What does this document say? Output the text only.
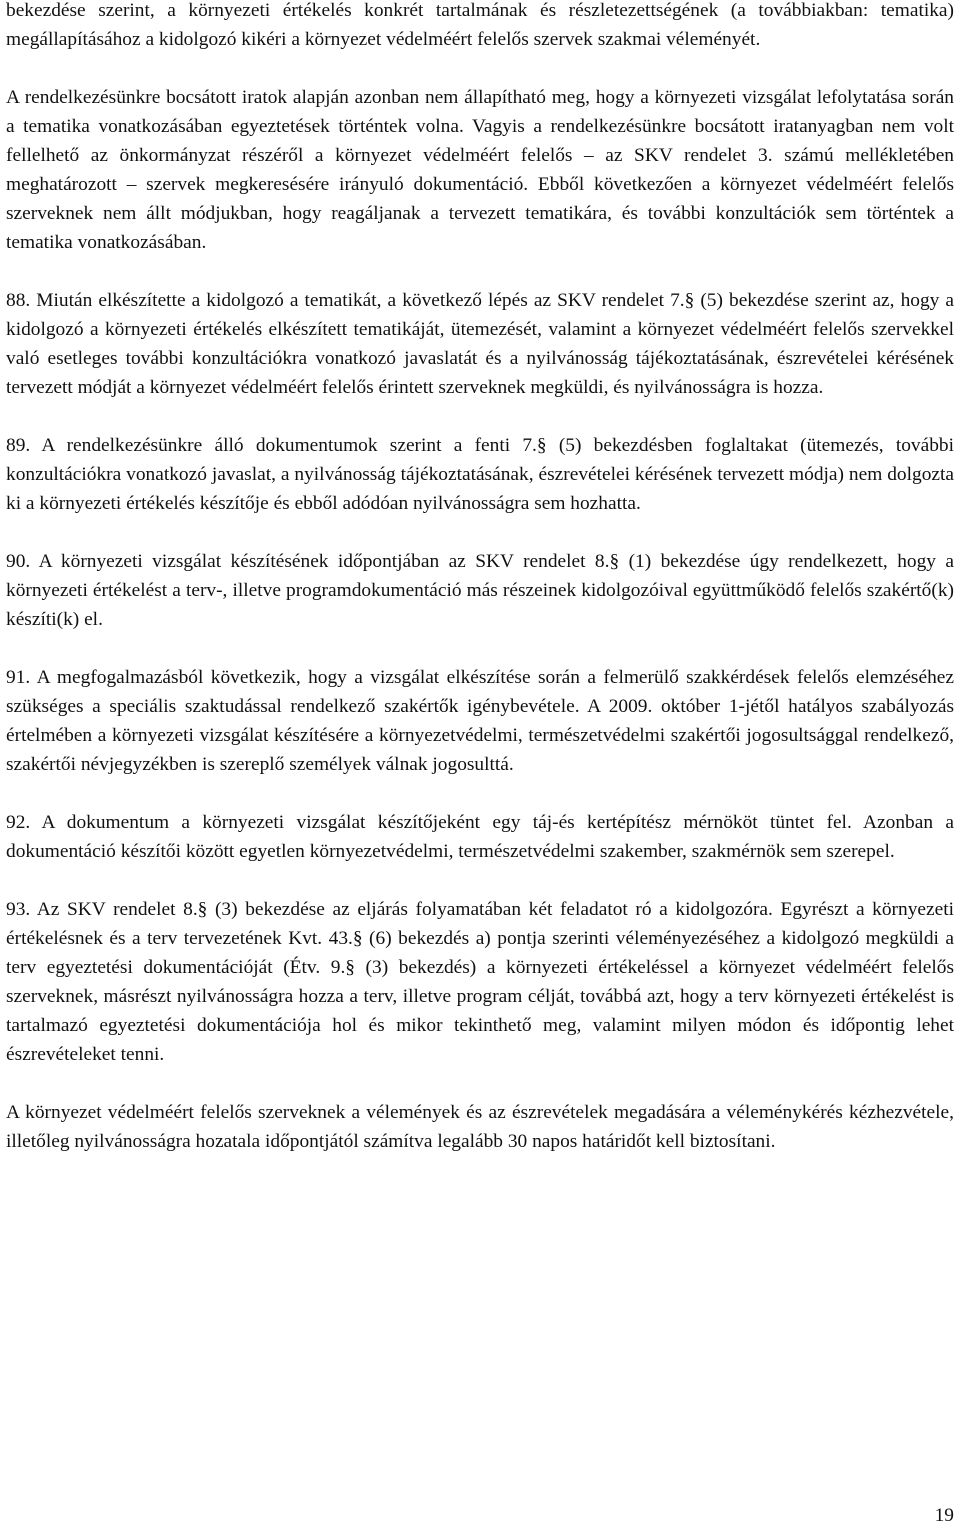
bekezdése szerint, a környezeti értékelés konkrét tartalmának és részletezettségének (a továbbiakban: tematika) megállapításához a kidolgozó kikéri a környezet védelméért felelős szervek szakmai véleményét.

A rendelkezésünkre bocsátott iratok alapján azonban nem állapítható meg, hogy a környezeti vizsgálat lefolytatása során a tematika vonatkozásában egyeztetések történtek volna. Vagyis a rendelkezésünkre bocsátott iratanyagban nem volt fellelhető az önkormányzat részéről a környezet védelméért felelős – az SKV rendelet 3. számú mellékletében meghatározott – szervek megkeresésére irányuló dokumentáció. Ebből következően a környezet védelméért felelős szerveknek nem állt módjukban, hogy reagáljanak a tervezett tematikára, és további konzultációk sem történtek a tematika vonatkozásában.

88. Miután elkészítette a kidolgozó a tematikát, a következő lépés az SKV rendelet 7.§ (5) bekezdése szerint az, hogy a kidolgozó a környezeti értékelés elkészített tematikáját, ütemezését, valamint a környezet védelméért felelős szervekkel való esetleges további konzultációkra vonatkozó javaslatát és a nyilvánosság tájékoztatásának, észrevételei kérésének tervezett módját a környezet védelméért felelős érintett szerveknek megküldi, és nyilvánosságra is hozza.

89. A rendelkezésünkre álló dokumentumok szerint a fenti 7.§ (5) bekezdésben foglaltakat (ütemezés, további konzultációkra vonatkozó javaslat, a nyilvánosság tájékoztatásának, észrevételei kérésének tervezett módja) nem dolgozta ki a környezeti értékelés készítője és ebből adódóan nyilvánosságra sem hozhatta.

90. A környezeti vizsgálat készítésének időpontjában az SKV rendelet 8.§ (1) bekezdése úgy rendelkezett, hogy a környezeti értékelést a terv-, illetve programdokumentáció más részeinek kidolgozóival együttműködő felelős szakértő(k) készíti(k) el.

91. A megfogalmazásból következik, hogy a vizsgálat elkészítése során a felmerülő szakkérdések felelős elemzéséhez szükséges a speciális szaktudással rendelkező szakértők igénybevétele. A 2009. október 1-jétől hatályos szabályozás értelmében a környezeti vizsgálat készítésére a környezetvédelmi, természetvédelmi szakértői jogosultsággal rendelkező, szakértői névjegyzékben is szereplő személyek válnak jogosulttá.

92. A dokumentum a környezeti vizsgálat készítőjeként egy táj-és kertépítész mérnököt tüntet fel. Azonban a dokumentáció készítői között egyetlen környezetvédelmi, természetvédelmi szakember, szakmérnök sem szerepel.

93. Az SKV rendelet 8.§ (3) bekezdése az eljárás folyamatában két feladatot ró a kidolgozóra. Egyrészt a környezeti értékelésnek és a terv tervezetének Kvt. 43.§ (6) bekezdés a) pontja szerinti véleményezéséhez a kidolgozó megküldi a terv egyeztetési dokumentációját (Étv. 9.§ (3) bekezdés) a környezeti értékeléssel a környezet védelméért felelős szerveknek, másrészt nyilvánosságra hozza a terv, illetve program célját, továbbá azt, hogy a terv környezeti értékelést is tartalmazó egyeztetési dokumentációja hol és mikor tekinthető meg, valamint milyen módon és időpontig lehet észrevételeket tenni.

A környezet védelméért felelős szerveknek a vélemények és az észrevételek megadására a véleménykérés kézhezvétele, illetőleg nyilvánosságra hozatala időpontjától számítva legalább 30 napos határidőt kell biztosítani.

19
